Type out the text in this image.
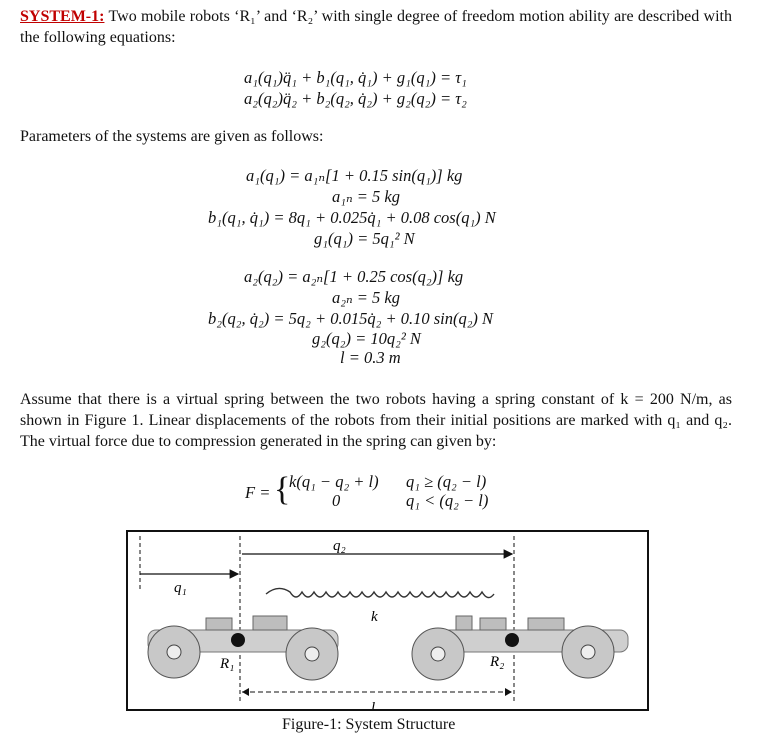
SYSTEM-1: Two mobile robots ‘R₁’ and ‘R₂’ with single degree of freedom motion ability are described with the following equations:
a₁(q₁)q̈₁ + b₁(q₁, q̇₁) + g₁(q₁) = τ₁
a₂(q₂)q̈₂ + b₂(q₂, q̇₂) + g₂(q₂) = τ₂
Parameters of the systems are given as follows:
a₁(q₁) = a₁ₙ[1 + 0.15 sin(q₁)] kg
a₁ₙ = 5 kg
b₁(q₁, q̇₁) = 8q₁ + 0.025q̇₁ + 0.08 cos(q₁) N
g₁(q₁) = 5q₁² N
a₂(q₂) = a₂ₙ[1 + 0.25 cos(q₂)] kg
a₂ₙ = 5 kg
b₂(q₂, q̇₂) = 5q₂ + 0.015q̇₂ + 0.10 sin(q₂) N
g₂(q₂) = 10q₂² N
l = 0.3 m
Assume that there is a virtual spring between the two robots having a spring constant of k = 200 N/m, as shown in Figure 1. Linear displacements of the robots from their initial positions are marked with q₁ and q₂. The virtual force due to compression generated in the spring can given by:
F = {
k(q₁ − q₂ + l) q₁ ≥ (q₂ − l)
0	q₁ < (q₂ − l)
q₂
q₁
k
R₁	R₂
l
Figure-1: System Structure
